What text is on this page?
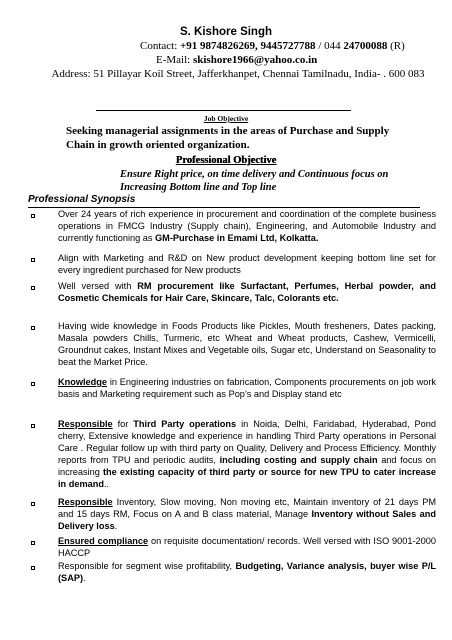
S. Kishore Singh
Contact: +91 9874826269, 9445727788 / 044 24700088 (R)
E-Mail: skishore1966@yahoo.co.in
Address: 51 Pillayar Koil Street, Jafferkhanpet, Chennai Tamilnadu, India- . 600 083
Job Objective
Seeking managerial assignments in the areas of Purchase and Supply Chain in growth oriented organization.
Professional Objective
Ensure Right price, on time delivery and Continuous focus on Increasing Bottom line and Top line
Professional Synopsis
Over 24 years of rich experience in procurement and coordination of the complete business operations in FMCG Industry (Supply chain), Engineering, and Automobile Industry and currently functioning as GM-Purchase in Emami Ltd, Kolkatta.
Align with Marketing and R&D on New product development keeping bottom line set for every ingredient purchased for New products
Well versed with RM procurement like Surfactant, Perfumes, Herbal powder, and Cosmetic Chemicals for Hair Care, Skincare, Talc, Colorants etc.
Having wide knowledge in Foods Products like Pickles, Mouth fresheners, Dates packing, Masala powders Chills, Turmeric, etc Wheat and Wheat products, Cashew, Vermicelli, Groundnut cakes, Instant Mixes and Vegetable oils, Sugar etc, Understand on Seasonality to beat the Market Price.
Knowledge in Engineering industries on fabrication, Components procurements on job work basis and Marketing requirement such as Pop’s and Display stand etc
Responsible for Third Party operations in Noida, Delhi, Faridabad, Hyderabad, Pond cherry, Extensive knowledge and experience in handling Third Party operations in Personal Care . Regular follow up with third party on Quality, Delivery and Process Efficiency. Monthly reports from TPU and periodic audits, including costing and supply chain and focus on increasing the existing capacity of third party or source for new TPU to cater increase in demand..
Responsible Inventory, Slow moving, Non moving etc, Maintain inventory of 21 days PM and 15 days RM, Focus on A and B class material, Manage Inventory without Sales and Delivery loss.
Ensured compliance on requisite documentation/ records. Well versed with ISO 9001-2000 HACCP
Responsible for segment wise profitability, Budgeting, Variance analysis, buyer wise P/L (SAP).
